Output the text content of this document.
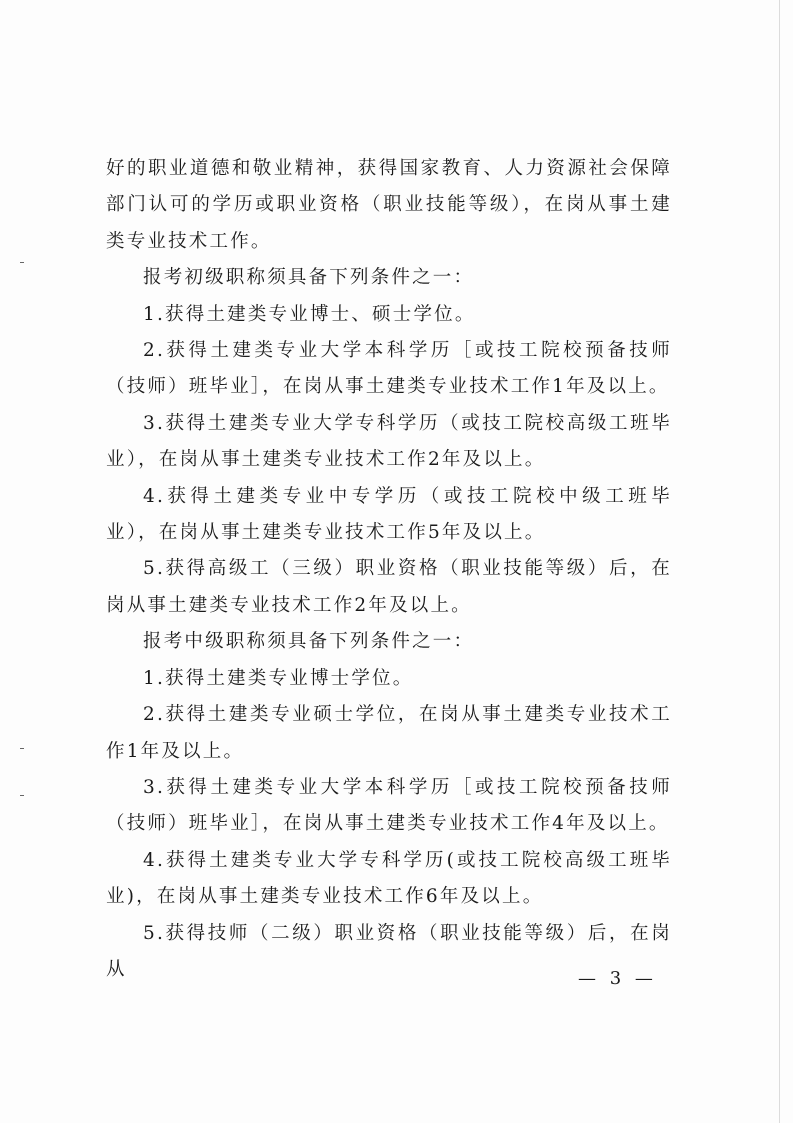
好的职业道德和敬业精神，获得国家教育、人力资源社会保障部门认可的学历或职业资格（职业技能等级），在岗从事土建类专业技术工作。

报考初级职称须具备下列条件之一：

1.获得土建类专业博士、硕士学位。

2.获得土建类专业大学本科学历［或技工院校预备技师（技师）班毕业］，在岗从事土建类专业技术工作1年及以上。

3.获得土建类专业大学专科学历（或技工院校高级工班毕业），在岗从事土建类专业技术工作2年及以上。

4.获得土建类专业中专学历（或技工院校中级工班毕业），在岗从事土建类专业技术工作5年及以上。

5.获得高级工（三级）职业资格（职业技能等级）后，在岗从事土建类专业技术工作2年及以上。

报考中级职称须具备下列条件之一：

1.获得土建类专业博士学位。

2.获得土建类专业硕士学位，在岗从事土建类专业技术工作1年及以上。

3.获得土建类专业大学本科学历［或技工院校预备技师（技师）班毕业］，在岗从事土建类专业技术工作4年及以上。

4.获得土建类专业大学专科学历(或技工院校高级工班毕业)，在岗从事土建类专业技术工作6年及以上。

5.获得技师（二级）职业资格（职业技能等级）后，在岗从	— 3 —
